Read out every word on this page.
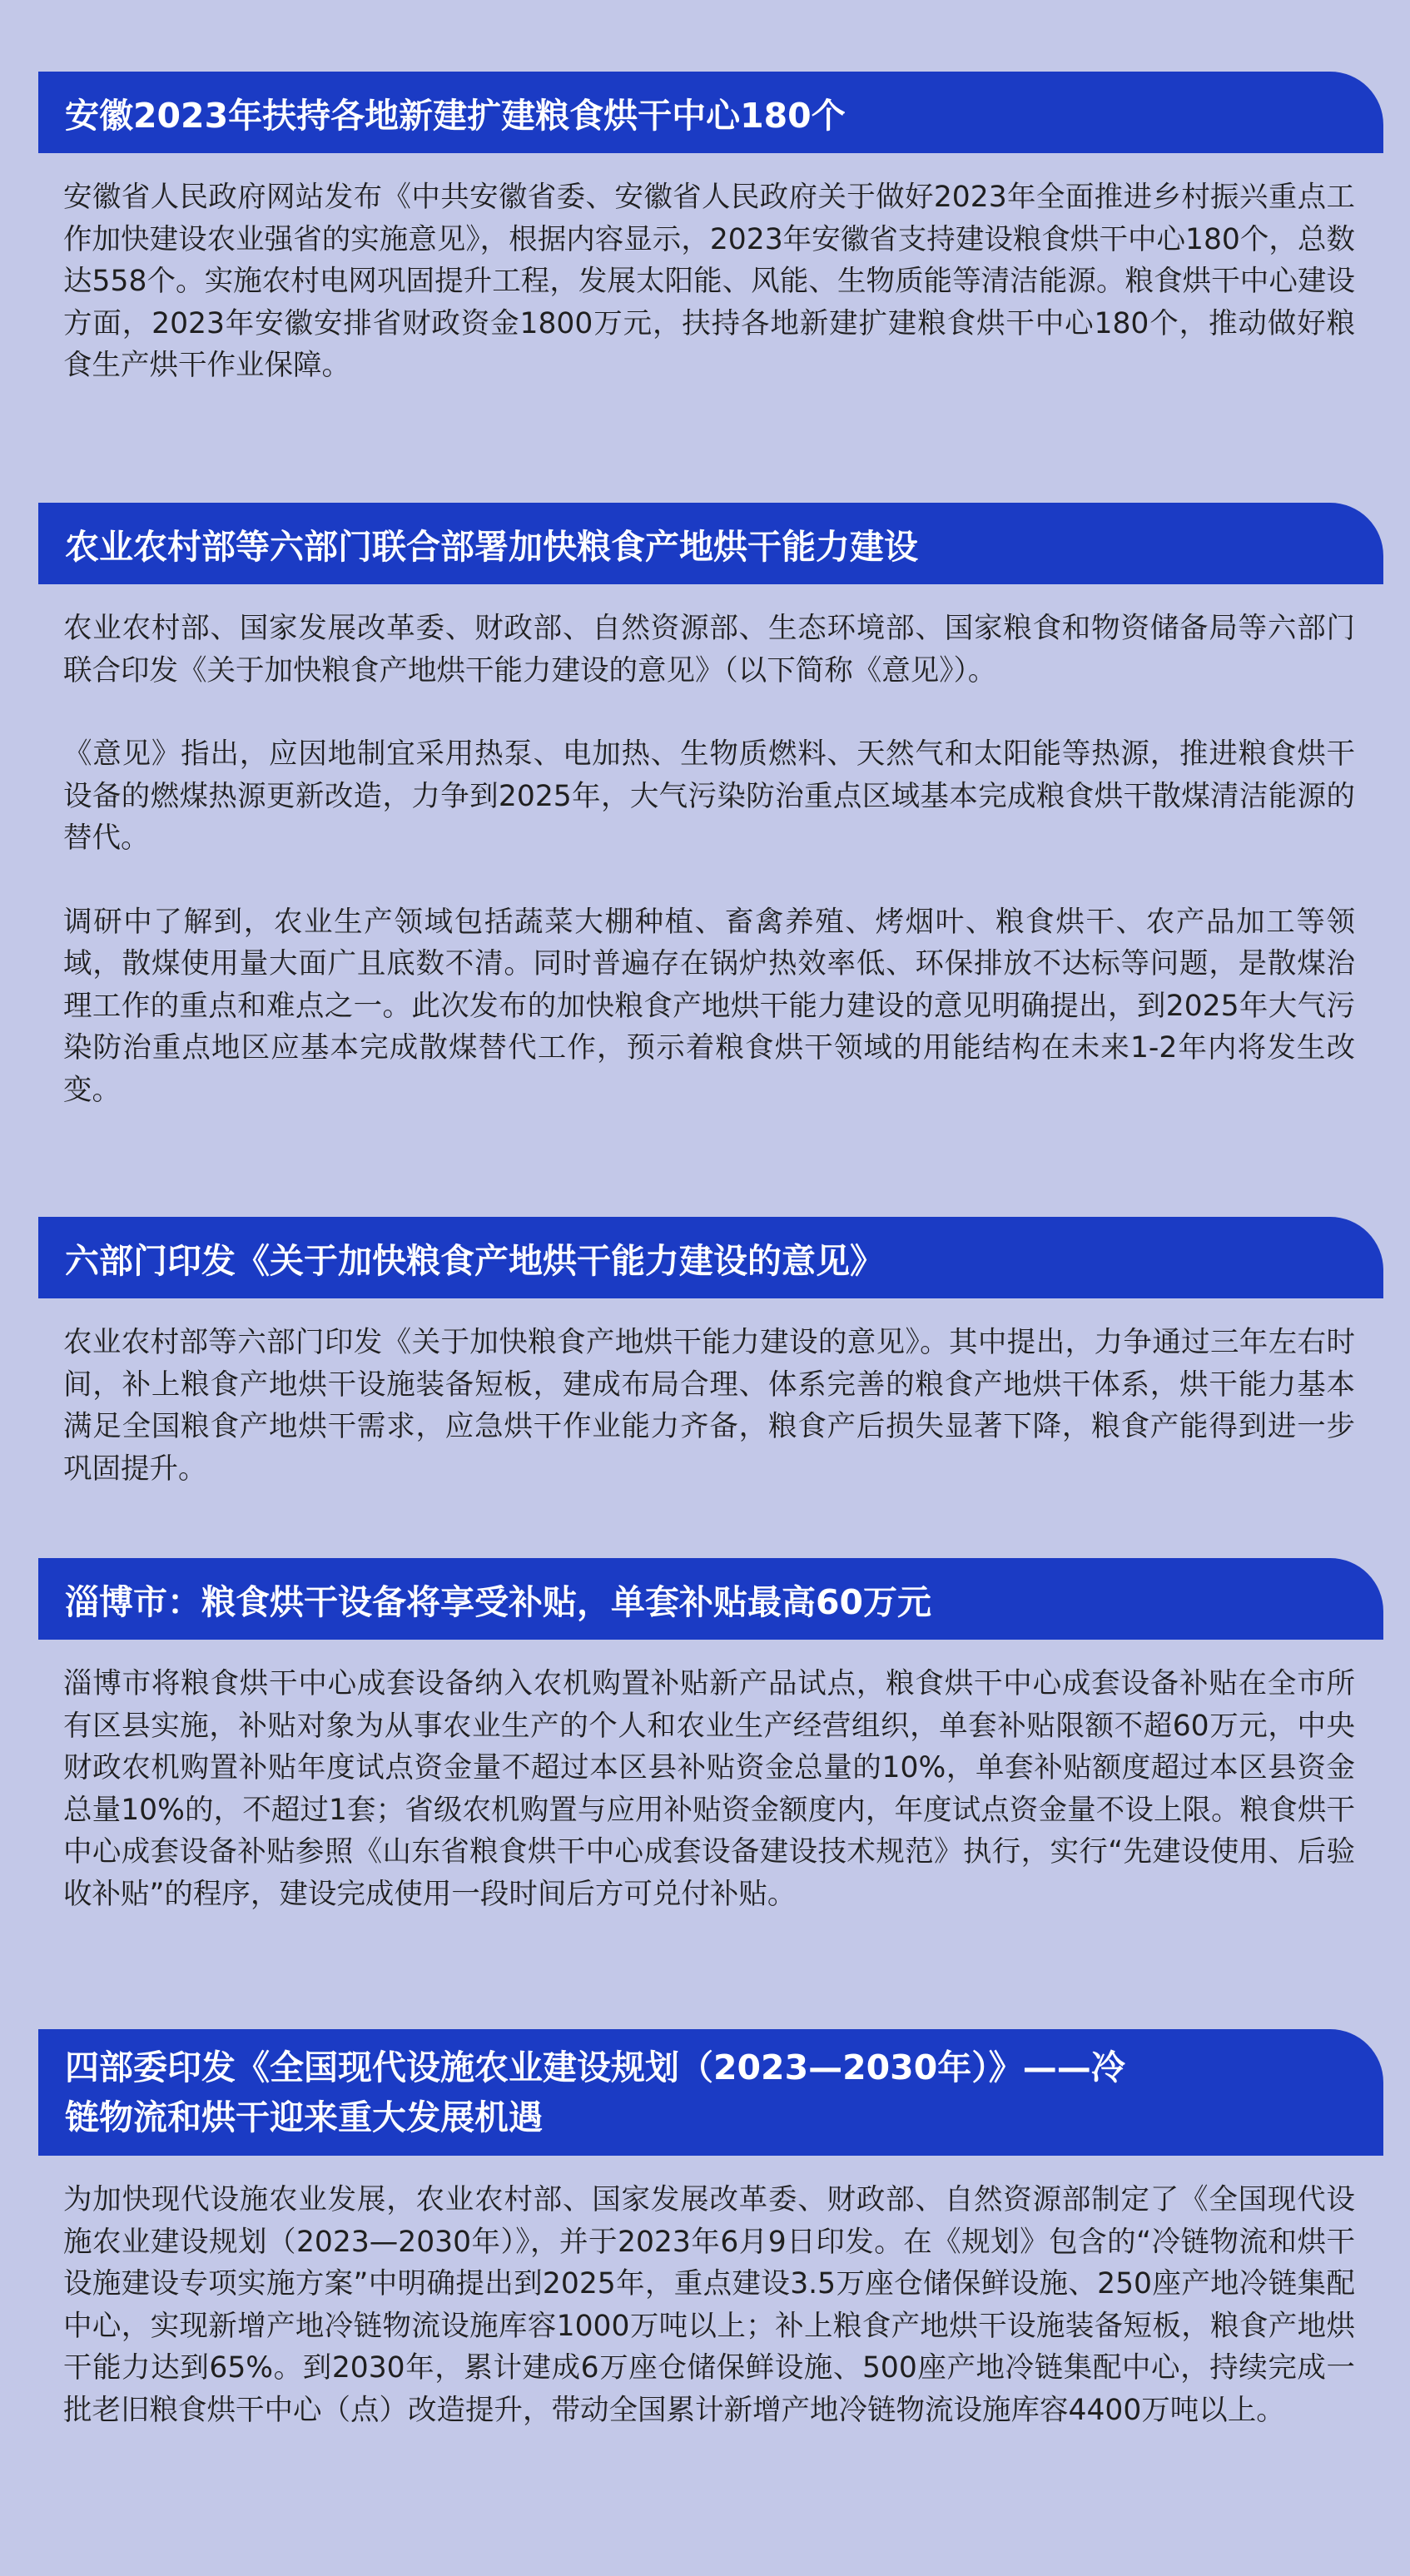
安徽2023年扶持各地新建扩建粮食烘干中心180个

安徽省人民政府网站发布《中共安徽省委、安徽省人民政府关于做好2023年全面推进乡村振兴重点工作加快建设农业强省的实施意见》，根据内容显示，2023年安徽省支持建设粮食烘干中心180个，总数达558个。实施农村电网巩固提升工程，发展太阳能、风能、生物质能等清洁能源。粮食烘干中心建设方面，2023年安徽安排省财政资金1800万元，扶持各地新建扩建粮食烘干中心180个，推动做好粮食生产烘干作业保障。

农业农村部等六部门联合部署加快粮食产地烘干能力建设

农业农村部、国家发展改革委、财政部、自然资源部、生态环境部、国家粮食和物资储备局等六部门联合印发《关于加快粮食产地烘干能力建设的意见》（以下简称《意见》）。

《意见》指出，应因地制宜采用热泵、电加热、生物质燃料、天然气和太阳能等热源，推进粮食烘干设备的燃煤热源更新改造，力争到2025年，大气污染防治重点区域基本完成粮食烘干散煤清洁能源的替代。

调研中了解到，农业生产领域包括蔬菜大棚种植、畜禽养殖、烤烟叶、粮食烘干、农产品加工等领域，散煤使用量大面广且底数不清。同时普遍存在锅炉热效率低、环保排放不达标等问题，是散煤治理工作的重点和难点之一。此次发布的加快粮食产地烘干能力建设的意见明确提出，到2025年大气污染防治重点地区应基本完成散煤替代工作，预示着粮食烘干领域的用能结构在未来1-2年内将发生改变。

六部门印发《关于加快粮食产地烘干能力建设的意见》

农业农村部等六部门印发《关于加快粮食产地烘干能力建设的意见》。其中提出，力争通过三年左右时间，补上粮食产地烘干设施装备短板，建成布局合理、体系完善的粮食产地烘干体系，烘干能力基本满足全国粮食产地烘干需求，应急烘干作业能力齐备，粮食产后损失显著下降，粮食产能得到进一步巩固提升。

淄博市：粮食烘干设备将享受补贴，单套补贴最高60万元

淄博市将粮食烘干中心成套设备纳入农机购置补贴新产品试点，粮食烘干中心成套设备补贴在全市所有区县实施，补贴对象为从事农业生产的个人和农业生产经营组织，单套补贴限额不超60万元，中央财政农机购置补贴年度试点资金量不超过本区县补贴资金总量的10%，单套补贴额度超过本区县资金总量10%的，不超过1套；省级农机购置与应用补贴资金额度内，年度试点资金量不设上限。粮食烘干中心成套设备补贴参照《山东省粮食烘干中心成套设备建设技术规范》执行，实行“先建设使用、后验收补贴”的程序，建设完成使用一段时间后方可兑付补贴。

四部委印发《全国现代设施农业建设规划（2023—2030年）》——冷
链物流和烘干迎来重大发展机遇

为加快现代设施农业发展，农业农村部、国家发展改革委、财政部、自然资源部制定了《全国现代设施农业建设规划（2023—2030年）》，并于2023年6月9日印发。在《规划》包含的“冷链物流和烘干设施建设专项实施方案”中明确提出到2025年，重点建设3.5万座仓储保鲜设施、250座产地冷链集配中心，实现新增产地冷链物流设施库容1000万吨以上；补上粮食产地烘干设施装备短板，粮食产地烘干能力达到65%。到2030年，累计建成6万座仓储保鲜设施、500座产地冷链集配中心，持续完成一批老旧粮食烘干中心（点）改造提升，带动全国累计新增产地冷链物流设施库容4400万吨以上。
